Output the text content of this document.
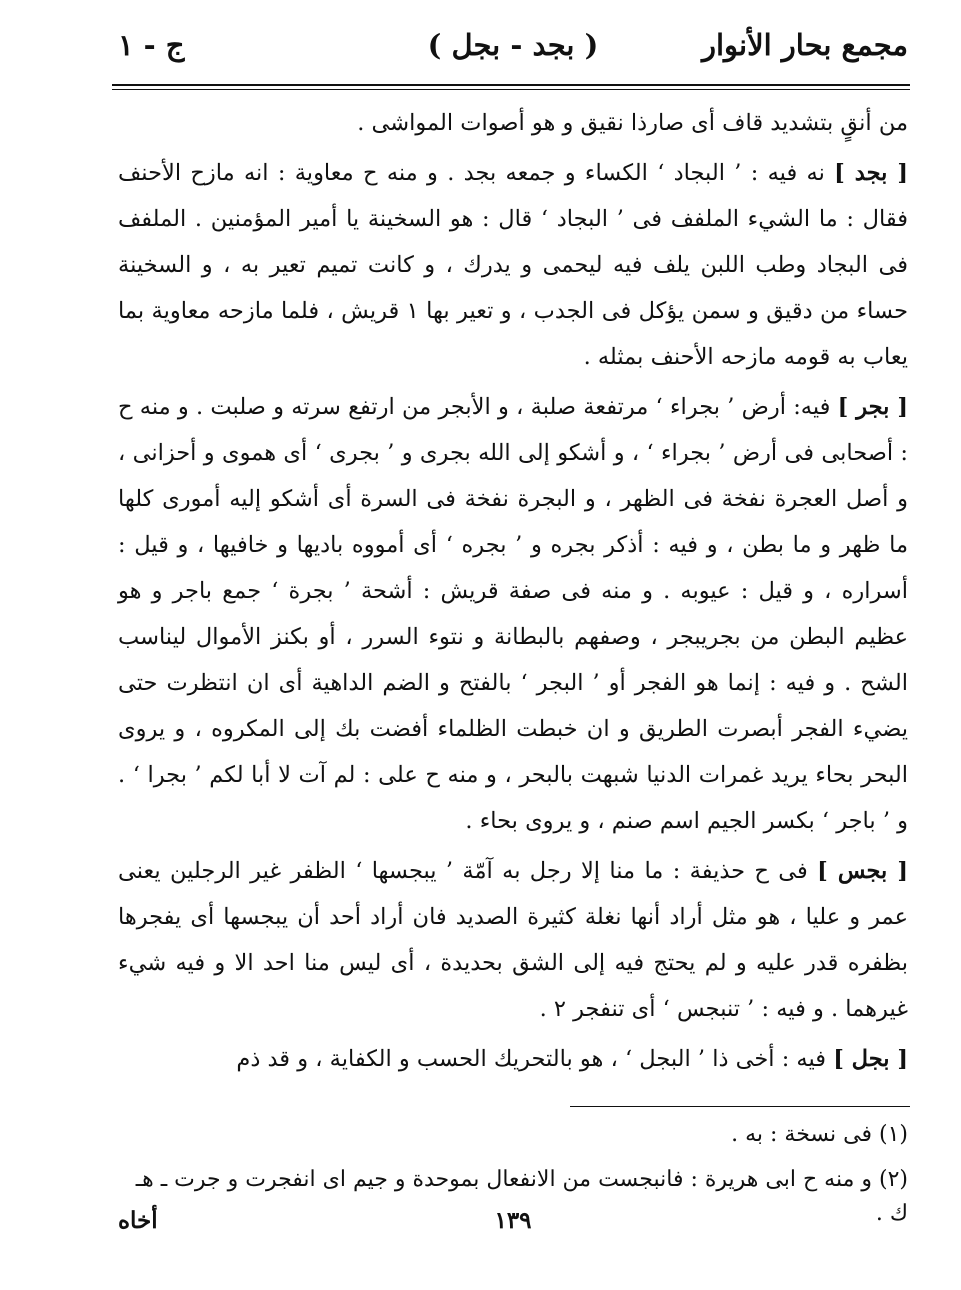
مجمع بحار الأنوار
( بجد - بجل )
ج - ١

من أنقٍ بتشديد قاف أى صارذا نقيق و هو أصوات المواشى .

[ بجد ] نه فيه : ’ البجاد ‘ الكساء و جمعه بجد . و منه ح معاوية : انه مازح الأحنف فقال : ما الشيء الملفف فى ’ البجاد ‘ قال : هو السخينة يا أمير المؤمنين . الملفف فى البجاد وطب اللبن يلف فيه ليحمى و يدرك ، و كانت تميم تعير به ، و السخينة حساء من دقيق و سمن يؤكل فى الجدب ، و تعير بها ١ قريش ، فلما مازحه معاوية بما يعاب به قومه مازحه الأحنف بمثله .

[ بجر ] فيه: أرض ’ بجراء ‘ مرتفعة صلبة ، و الأبجر من ارتفع سرته و صلبت . و منه ح : أصحابى فى أرض ’ بجراء ‘ ، و أشكو إلى الله بجرى و ’ بجرى ‘ أى هموى و أحزانى ، و أصل العجرة نفخة فى الظهر ، و البجرة نفخة فى السرة أى أشكو إليه أمورى كلها ما ظهر و ما بطن ، و فيه : أذكر بجره و ’ بجره ‘ أى أمووه باديها و خافيها ، و قيل : أسراره ، و قيل : عيوبه . و منه فى صفة قريش : أشحة ’ بجرة ‘ جمع باجر و هو عظيم البطن من بجريبجر ، وصفهم بالبطانة و نتوء السرر ، أو بكنز الأموال ليناسب الشح . و فيه : إنما هو الفجر أو ’ البجر ‘ بالفتح و الضم الداهية أى ان انتظرت حتى يضيء الفجر أبصرت الطريق و ان خبطت الظلماء أفضت بك إلى المكروه ، و يروى البحر بحاء يريد غمرات الدنيا شبهت بالبحر ، و منه ح على : لم آت لا أبا لكم ’ بجرا ‘ . و ’ باجر ‘ بكسر الجيم اسم صنم ، و يروى بحاء .

[ بجس ] فى ح حذيفة : ما منا إلا رجل به آمّة ’ يبجسها ‘ الظفر غير الرجلين يعنى عمر و عليا ، هو مثل أراد أنها نغلة كثيرة الصديد فان أراد أحد أن يبجسها أى يفجرها بظفره قدر عليه و لم يحتج فيه إلى الشق بحديدة ، أى ليس منا احد الا و فيه شيء غيرهما . و فيه : ’ تنبجس ‘ أى تنفجر ٢ .

[ بجل ] فيه : أخى ذا ’ البجل ‘ ، هو بالتحريك الحسب و الكفاية ، و قد ذم

(١) فى نسخة : به .
(٢) و منه ح ابى هريرة : فانبجست من الانفعال بموحدة و جيم اى انفجرت و جرت ـ هـ ك .
١٣٩
أخاه
